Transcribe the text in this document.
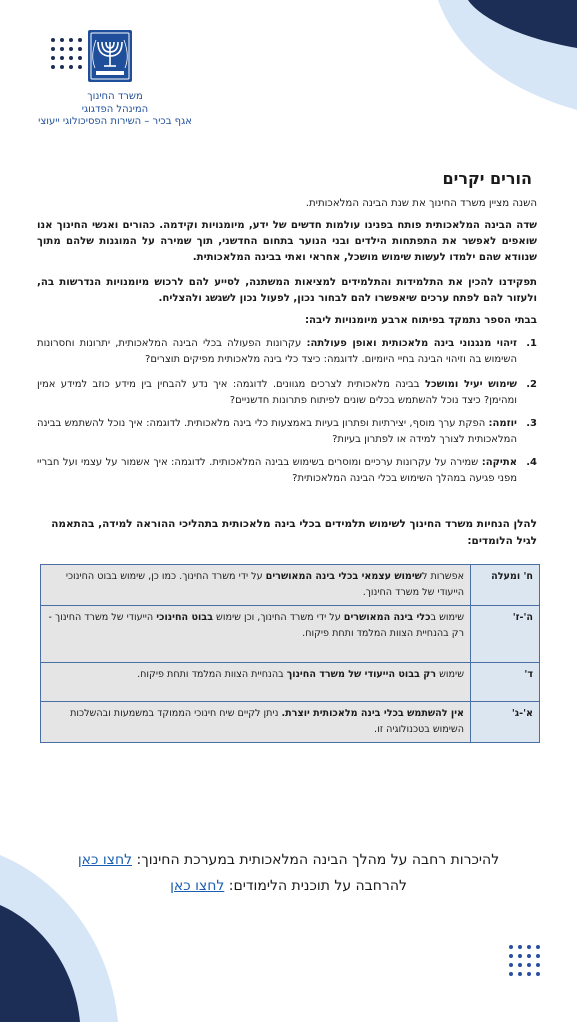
משרד החינוך
המינהל הפדגוגי
אגף בכיר – השירות הפסיכולוגי ייעוצי
הורים יקרים

השנה מציין משרד החינוך את שנת הבינה המלאכותית.

שדה הבינה המלאכותית פותח בפנינו עולמות חדשים של ידע, מיומנויות וקידמה. כהורים ואנשי החינוך אנו שואפים לאפשר את התפתחות הילדים ובני הנוער בתחום החדשני, תוך שמירה על המוגנות שלהם מתוך שנוודא שהם ילמדו לעשות שימוש מושכל, אחראי ואתי בבינה המלאכותית.

תפקידנו להכין את התלמידות והתלמידים למציאות המשתנה, לסייע להם לרכוש מיומנויות הנדרשות בה, ולעזור להם לפתח ערכים שיאפשרו להם לבחור נכון, לפעול נכון לשגשג ולהצליח.

בבתי הספר נתמקד בפיתוח ארבע מיומנויות ליבה:

1.
זיהוי מנגנוני בינה מלאכותית ואופן פעולתה: עקרונות הפעולה בכלי הבינה המלאכותית, יתרונות וחסרונות השימוש בה וזיהוי הבינה בחיי היומיום. לדוגמה: כיצד כלי בינה מלאכותית מפיקים תוצרים?
2.
שימוש יעיל ומושכל בבינה מלאכותית לצרכים מגוונים. לדוגמה: איך נדע להבחין בין מידע כוזב למידע אמין ומהימן? כיצד נוכל להשתמש בכלים שונים לפיתוח פתרונות חדשניים?
3.
יוזמה: הפקת ערך מוסף, יצירתיות ופתרון בעיות באמצעות כלי בינה מלאכותית. לדוגמה: איך נוכל להשתמש בבינה המלאכותית לצורך למידה או לפתרון בעיות?
4.
אתיקה: שמירה על עקרונות ערכיים ומוסרים בשימוש בבינה המלאכותית. לדוגמה: איך אשמור על עצמי ועל חבריי מפני פגיעה במהלך השימוש בכלי הבינה המלאכותית?

להלן הנחיות משרד החינוך לשימוש תלמידים בכלי בינה מלאכותית בתהליכי ההוראה למידה, בהתאמה לגיל הלומדים:

ח' ומעלה	אפשרות לשימוש עצמאי בכלי בינה המאושרים על ידי משרד החינוך. כמו כן, שימוש בבוט החינוכי הייעודי של משרד החינוך.
ה'-ז'	שימוש בכלי בינה המאושרים על ידי משרד החינוך, וכן שימוש בבוט החינוכי הייעודי של משרד החינוך - רק בהנחיית הצוות המלמד ותחת פיקוח.
ד'	שימוש רק בבוט הייעודי של משרד החינוך בהנחיית הצוות המלמד ותחת פיקוח.
א'-ג'	אין להשתמש בכלי בינה מלאכותית יוצרת. ניתן לקיים שיח חינוכי הממוקד במשמעות ובהשלכות השימוש בטכנולוגיה זו.
להיכרות רחבה על מהלך הבינה המלאכותית במערכת החינוך: לחצו כאן
להרחבה על תוכנית הלימודים: לחצו כאן
